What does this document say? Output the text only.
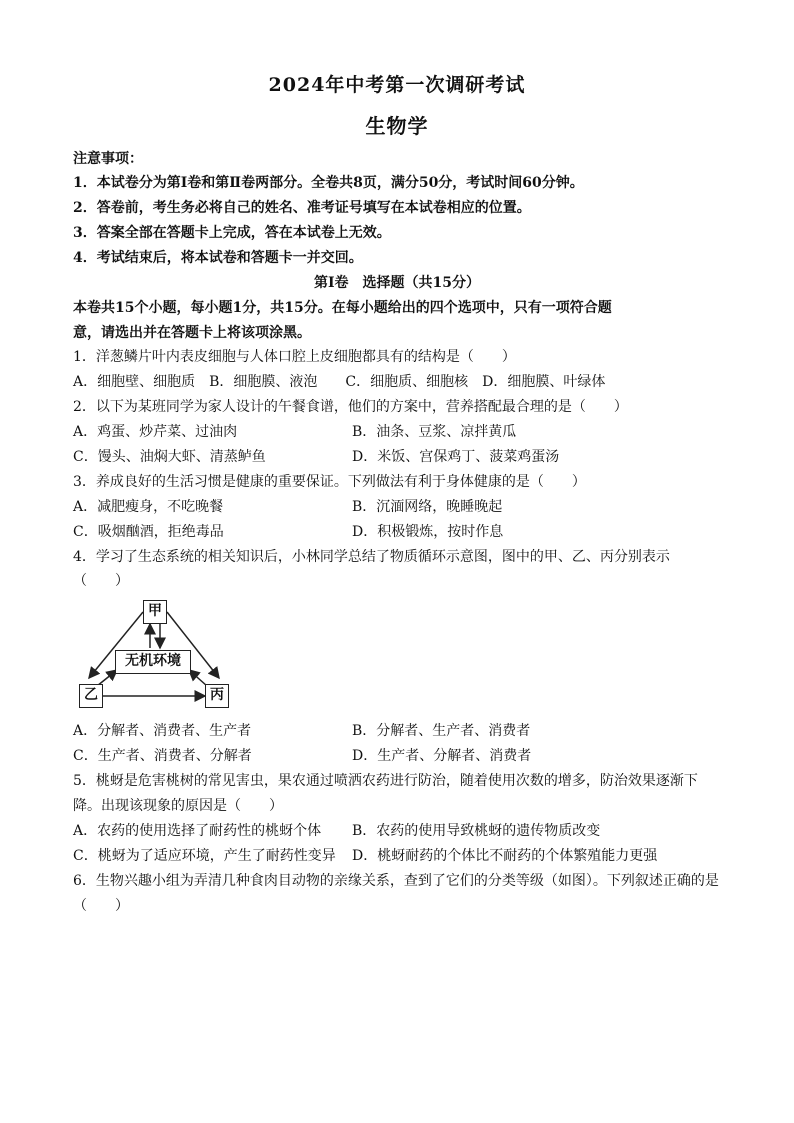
2024年中考第一次调研考试
生物学
注意事项：
1．本试卷分为第Ⅰ卷和第Ⅱ卷两部分。全卷共8页，满分50分，考试时间60分钟。
2．答卷前，考生务必将自己的姓名、准考证号填写在本试卷相应的位置。
3．答案全部在答题卡上完成，答在本试卷上无效。
4．考试结束后，将本试卷和答题卡一并交回。
第Ⅰ卷　选择题（共15分）
本卷共15个小题，每小题1分，共15分。在每小题给出的四个选项中，只有一项符合题
意，请选出并在答题卡上将该项涂黑。
1．洋葱鳞片叶内表皮细胞与人体口腔上皮细胞都具有的结构是（　　）
A．细胞壁、细胞质　B．细胞膜、液泡　　C．细胞质、细胞核　D．细胞膜、叶绿体
2．以下为某班同学为家人设计的午餐食谱，他们的方案中，营养搭配最合理的是（　　）
A．鸡蛋、炒芹菜、过油肉	B．油条、豆浆、凉拌黄瓜
C．馒头、油焖大虾、清蒸鲈鱼	D．米饭、宫保鸡丁、菠菜鸡蛋汤
3．养成良好的生活习惯是健康的重要保证。下列做法有利于身体健康的是（　　）
A．减肥瘦身，不吃晚餐	B．沉湎网络，晚睡晚起
C．吸烟酗酒，拒绝毒品	D．积极锻炼，按时作息
4．学习了生态系统的相关知识后，小林同学总结了物质循环示意图，图中的甲、乙、丙分别表示
（　　）
甲
乙	丙
无机环境
A．分解者、消费者、生产者	B．分解者、生产者、消费者
C．生产者、消费者、分解者	D．生产者、分解者、消费者
5．桃蚜是危害桃树的常见害虫，果农通过喷洒农药进行防治，随着使用次数的增多，防治效果逐渐下
降。出现该现象的原因是（　　）
A．农药的使用选择了耐药性的桃蚜个体 B．农药的使用导致桃蚜的遗传物质改变
C．桃蚜为了适应环境，产生了耐药性变异 D．桃蚜耐药的个体比不耐药的个体繁殖能力更强
6．生物兴趣小组为弄清几种食肉目动物的亲缘关系，查到了它们的分类等级（如图）。下列叙述正确的是
（　　）
